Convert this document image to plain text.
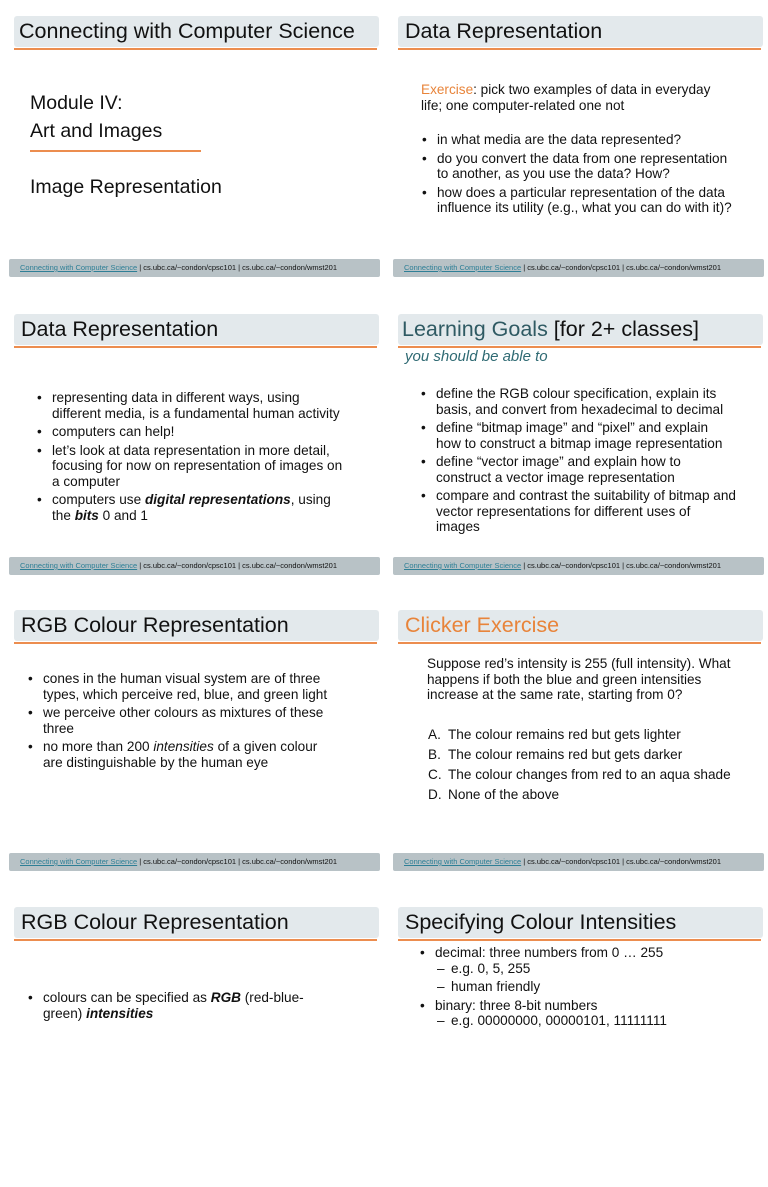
Connecting with Computer Science
Module IV:
Art and Images
Image Representation
Connecting with Computer Science | cs.ubc.ca/~condon/cpsc101 | cs.ubc.ca/~condon/wmst201
Data Representation
Exercise: pick two examples of data in everyday life; one computer-related one not
• in what media are the data represented?
• do you convert the data from one representation to another, as you use the data? How?
• how does a particular representation of the data influence its utility (e.g., what you can do with it)?
Connecting with Computer Science | cs.ubc.ca/~condon/cpsc101 | cs.ubc.ca/~condon/wmst201
Data Representation
• representing data in different ways, using different media, is a fundamental human activity
• computers can help!
• let’s look at data representation in more detail, focusing for now on representation of images on a computer
• computers use digital representations, using the bits 0 and 1
Connecting with Computer Science | cs.ubc.ca/~condon/cpsc101 | cs.ubc.ca/~condon/wmst201
Learning Goals [for 2+ classes]
you should be able to
• define the RGB colour specification, explain its basis, and convert from hexadecimal to decimal
• define “bitmap image” and “pixel” and explain how to construct a bitmap image representation
• define “vector image” and explain how to construct a vector image representation
• compare and contrast the suitability of bitmap and vector representations for different uses of images
Connecting with Computer Science | cs.ubc.ca/~condon/cpsc101 | cs.ubc.ca/~condon/wmst201
RGB Colour Representation
• cones in the human visual system are of three types, which perceive red, blue, and green light
• we perceive other colours as mixtures of these three
• no more than 200 intensities of a given colour are distinguishable by the human eye
Connecting with Computer Science | cs.ubc.ca/~condon/cpsc101 | cs.ubc.ca/~condon/wmst201
Clicker Exercise
Suppose red’s intensity is 255 (full intensity). What happens if both the blue and green intensities increase at the same rate, starting from 0?
A. The colour remains red but gets lighter
B. The colour remains red but gets darker
C. The colour changes from red to an aqua shade
D. None of the above
Connecting with Computer Science | cs.ubc.ca/~condon/cpsc101 | cs.ubc.ca/~condon/wmst201
RGB Colour Representation
• colours can be specified as RGB (red-blue-green) intensities
Specifying Colour Intensities
• decimal: three numbers from 0 … 255
– e.g. 0, 5, 255
– human friendly
• binary: three 8-bit numbers
– e.g. 00000000, 00000101, 11111111
